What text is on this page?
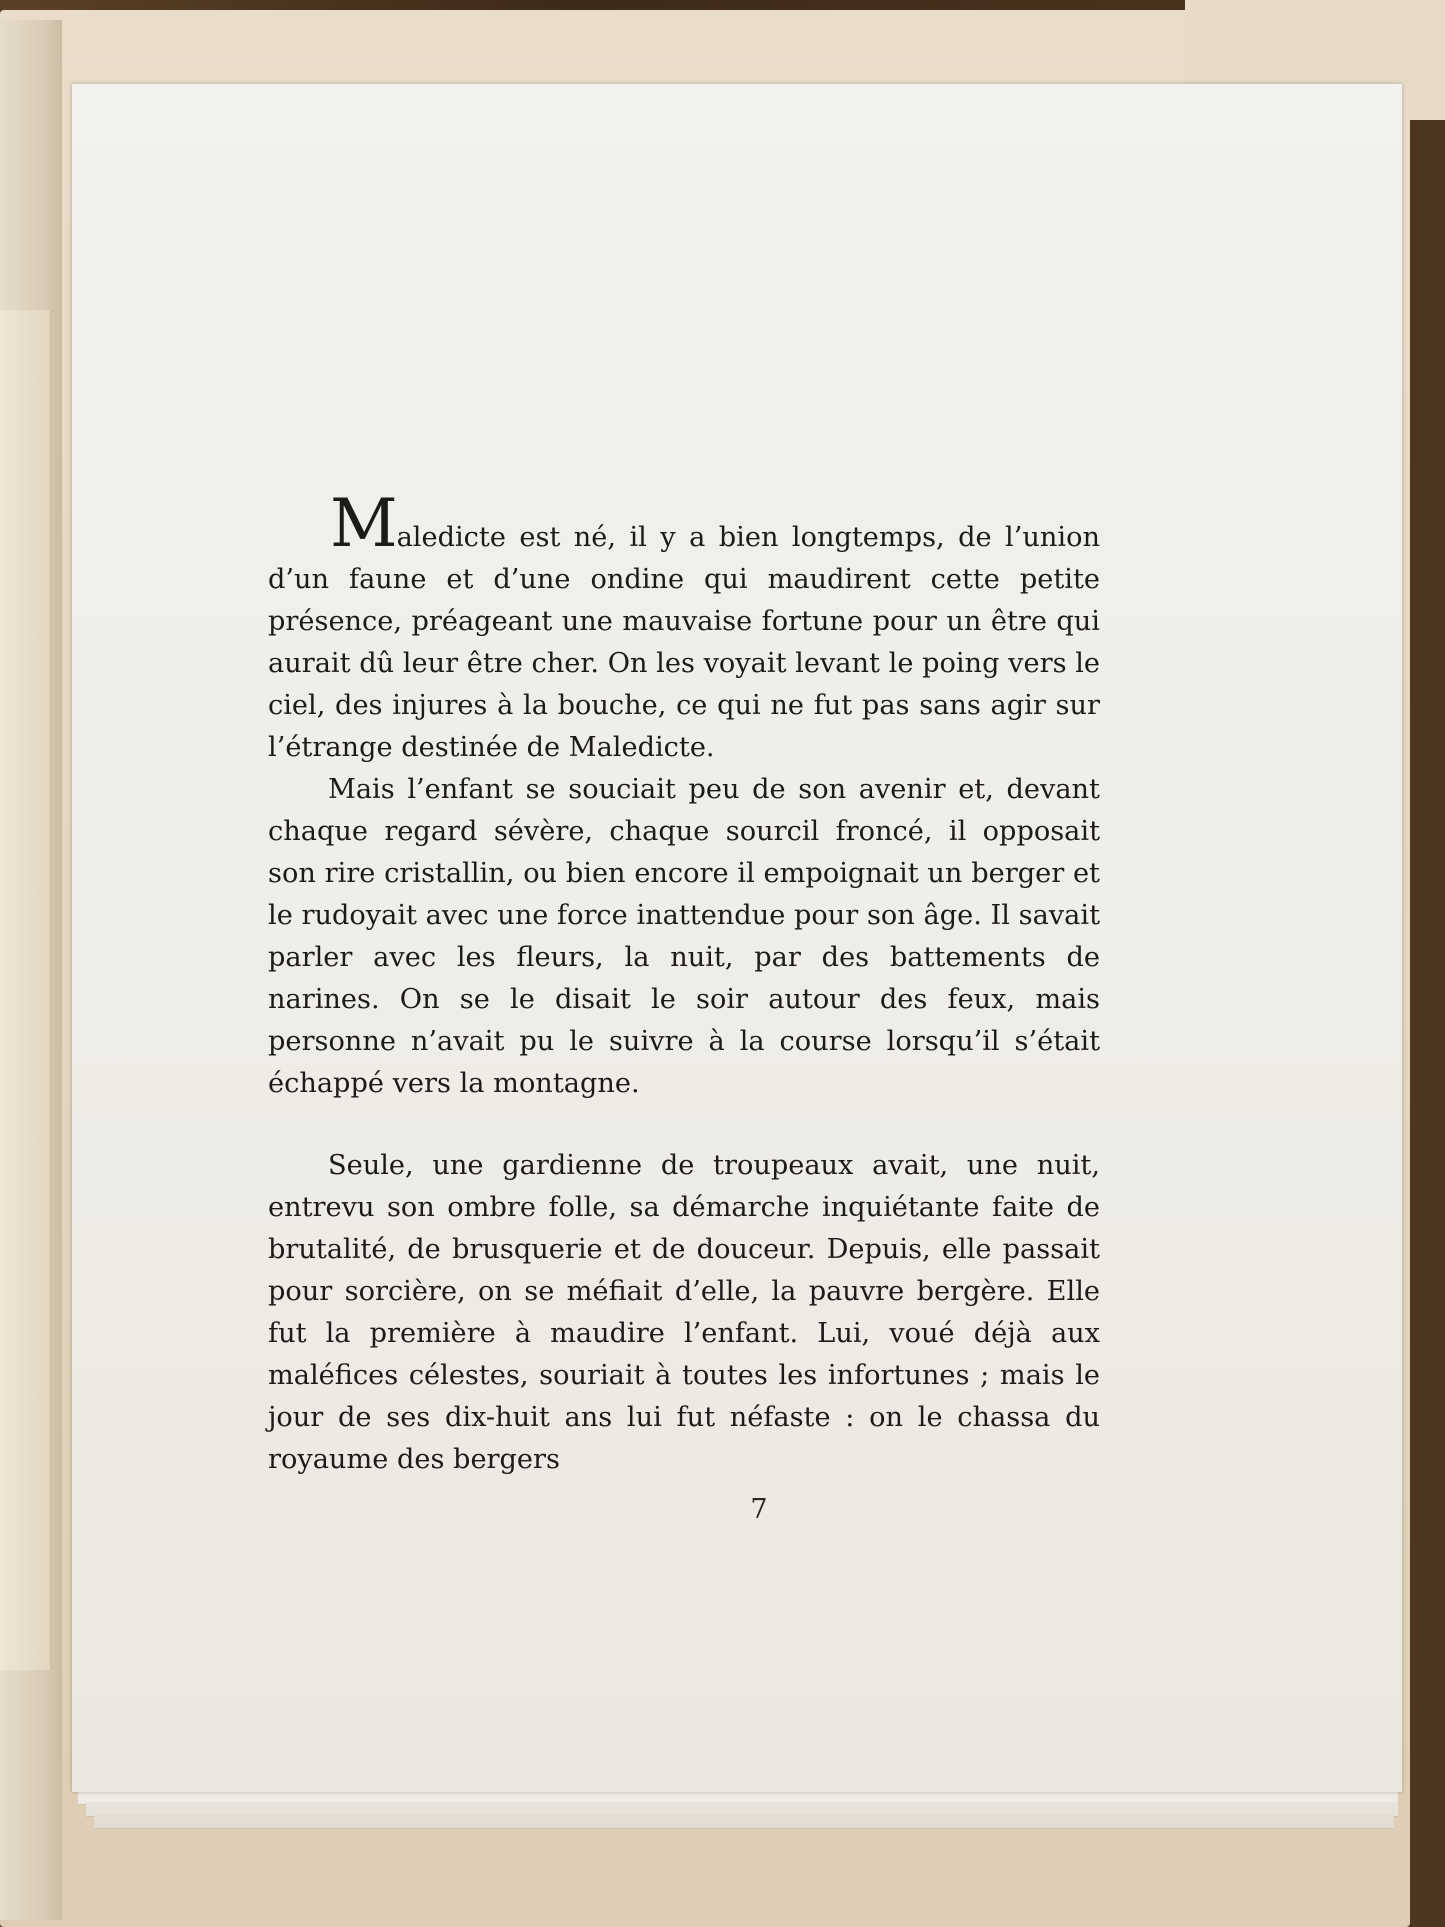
Maledicte est né, il y a bien longtemps, de l’union d’un faune et d’une ondine qui maudirent cette petite présence, préageant une mauvaise fortune pour un être qui aurait dû leur être cher. On les voyait levant le poing vers le ciel, des injures à la bouche, ce qui ne fut pas sans agir sur l’étrange destinée de Maledicte.

Mais l’enfant se souciait peu de son avenir et, devant chaque regard sévère, chaque sourcil froncé, il opposait son rire cristallin, ou bien encore il empoignait un berger et le rudoyait avec une force inattendue pour son âge. Il savait parler avec les fleurs, la nuit, par des battements de narines. On se le disait le soir autour des feux, mais personne n’avait pu le suivre à la course lorsqu’il s’était échappé vers la montagne.

Seule, une gardienne de troupeaux avait, une nuit, entrevu son ombre folle, sa démarche inquiétante faite de brutalité, de brusquerie et de douceur. Depuis, elle passait pour sorcière, on se méfiait d’elle, la pauvre bergère. Elle fut la première à maudire l’enfant. Lui, voué déjà aux maléfices célestes, souriait à toutes les infortunes ; mais le jour de ses dix-huit ans lui fut néfaste : on le chassa du royaume des bergers

7
